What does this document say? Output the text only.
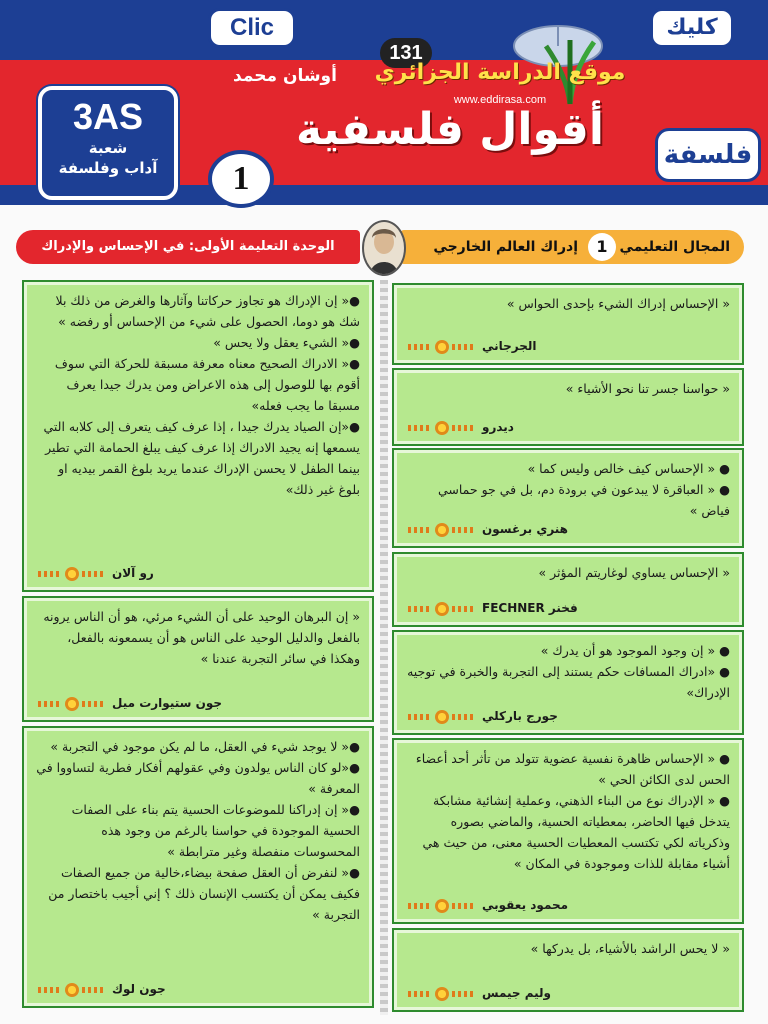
Clic	كليك
131
موقع الدراسة الجزائري
www.eddirasa.com
أوشان محمد
أقوال فلسفية
3AS
شعبة
آداب وفلسفة	1
فلسفة
المجال التعليمي
1
إدراك العالم الخارجي
الوحدة التعليمة الأولى: في الإحساس والإدراك

« الإحساس إدراك الشيء بإحدى الحواس »

الجرجاني

« حواسنا جسر تنا نحو الأشياء »

ديدرو

● « الإحساس كيف خالص وليس كما »

● « العباقرة لا يبدعون في برودة دم، بل في جو حماسي فياض »

هنري برغسون

« الإحساس يساوي لوغاريتم المؤثر »

فخنر FECHNER

● « إن وجود الموجود هو أن يدرك »

● «ادراك المسافات حكم يستند إلى التجربة والخبرة في توجيه الإدراك»

جورج باركلي

● « الإحساس ظاهرة نفسية عضوية تتولد من تأثر أحد أعضاء الحس لدى الكائن الحي »

● « الإدراك نوع من البناء الذهني، وعملية إنشائية مشابكة يتدخل فيها الحاضر، بمعطياته الحسية، والماضي بصوره وذكرياته لكي تكتسب المعطيات الحسية معنى، من حيث هي أشياء مقابلة للذات وموجودة في المكان »

محمود يعقوبي

« لا يحس الراشد بالأشياء، بل يدركها »

وليم جيمس

●« إن الإدراك هو تجاوز حركاتنا وآثارها والغرض من ذلك بلا شك هو دوما، الحصول على شيء من الإحساس أو رفضه »

●« الشيء يعقل ولا يحس »

●« الادراك الصحيح معناه معرفة مسبقة للحركة التي سوف أقوم بها للوصول إلى هذه الاعراض ومن يدرك جيدا يعرف مسبقا ما يجب فعله»

●«إن الصياد يدرك جيدا ، إذا عرف كيف يتعرف إلى كلابه التي يسمعها إنه يجيد الادراك إذا عرف كيف يبلغ الحمامة التي تطير بينما الطفل لا يحسن الإدراك عندما يريد بلوغ القمر بيديه او بلوغ غير ذلك»

رو آلان

« إن البرهان الوحيد على أن الشيء مرئي، هو أن الناس يرونه بالفعل والدليل الوحيد على الناس هو أن يسمعونه بالفعل، وهكذا في سائر التجربة عندنا »

جون ستيوارت ميل

●« لا يوجد شيء في العقل، ما لم يكن موجود في التجربة »

●«لو كان الناس يولدون وفي عقولهم أفكار فطرية لتساووا في المعرفة »

●« إن إدراكنا للموضوعات الحسية يتم بناء على الصفات الحسية الموجودة في حواسنا بالرغم من وجود هذه المحسوسات منفصلة وغير مترابطة »

●« لنفرض أن العقل صفحة بيضاء،خالية من جميع الصفات فكيف يمكن أن يكتسب الإنسان ذلك ؟ إني أجيب باختصار من التجربة »

جون لوك
